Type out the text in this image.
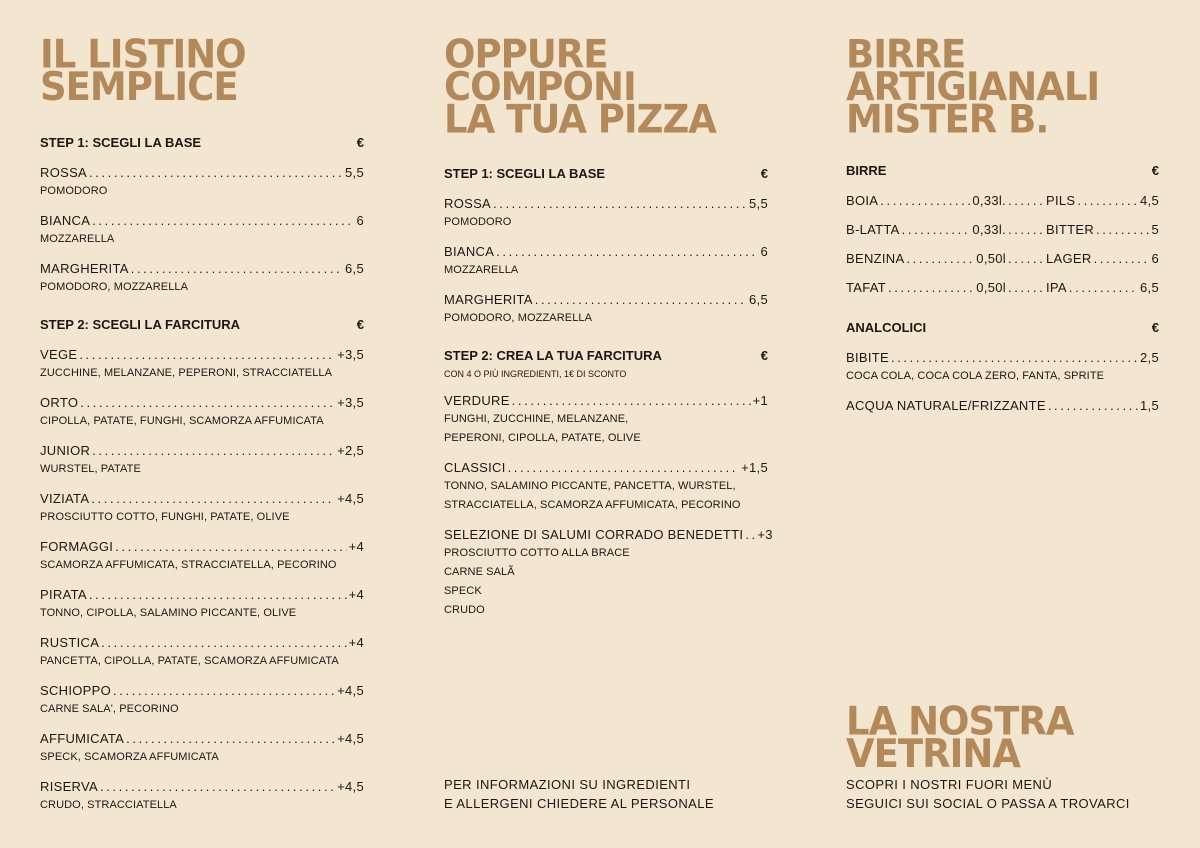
IL LISTINO
SEMPLICE
STEP 1: SCEGLI LA BASE	€
ROSSA . . .	5,5
POMODORO
BIANCA . . .	6
MOZZARELLA
MARGHERITA . . .	6,5
POMODORO, MOZZARELLA
STEP 2: SCEGLI LA FARCITURA	€
VEGE . . .	+3,5
ZUCCHINE, MELANZANE, PEPERONI, STRACCIATELLA
ORTO . . .	+3,5
CIPOLLA, PATATE, FUNGHI, SCAMORZA AFFUMICATA
JUNIOR . . .	+2,5
WURSTEL, PATATE
VIZIATA . . .	+4,5
PROSCIUTTO COTTO, FUNGHI, PATATE, OLIVE
FORMAGGI . . .	+4
SCAMORZA AFFUMICATA, STRACCIATELLA, PECORINO
PIRATA . . .	+4
TONNO, CIPOLLA, SALAMINO PICCANTE, OLIVE
RUSTICA . . .	+4
PANCETTA, CIPOLLA, PATATE, SCAMORZA AFFUMICATA
SCHIOPPO . . .	+4,5
CARNE SALA', PECORINO
AFFUMICATA . . .	+4,5
SPECK, SCAMORZA AFFUMICATA
RISERVA . . .	+4,5
CRUDO, STRACCIATELLA
OPPURE COMPONI
LA TUA PIZZA
STEP 1: SCEGLI LA BASE	€
ROSSA . . .	5,5
POMODORO
BIANCA . . .	6
MOZZARELLA
MARGHERITA . . .	6,5
POMODORO, MOZZARELLA
STEP 2: CREA LA TUA FARCITURA	€
CON 4 O PIÙ INGREDIENTI, 1€ DI SCONTO
VERDURE . . .	+1
FUNGHI, ZUCCHINE, MELANZANE,
PEPERONI, CIPOLLA, PATATE, OLIVE
CLASSICI . . .	+1,5
TONNO, SALAMINO PICCANTE, PANCETTA, WURSTEL,
STRACCIATELLA, SCAMORZA AFFUMICATA, PECORINO
SELEZIONE DI SALUMI CORRADO BENEDETTI . . . +3
PROSCIUTTO COTTO ALLA BRACE
CARNE SALÃ
SPECK
CRUDO
PER INFORMAZIONI SU INGREDIENTI
E ALLERGENI CHIEDERE AL PERSONALE
BIRRE
ARTIGIANALI
MISTER B.
BIRRE	€
BOIA . . .	0,33l. . . .	PILS . . .	4,5
B-LATTA . . .	0,33l. . . .	BITTER . . .	5
BENZINA . . .	0,50l . . .	LAGER . . .	6
TAFAT . . .	0,50l . . .	IPA . . .	6,5
ANALCOLICI	€
BIBITE . . .	2,5
COCA COLA, COCA COLA ZERO, FANTA, SPRITE
ACQUA NATURALE/FRIZZANTE . . .	1,5
LA NOSTRA
VETRINA
SCOPRI I NOSTRI FUORI MENÙ
SEGUICI SUI SOCIAL O PASSA A TROVARCI
